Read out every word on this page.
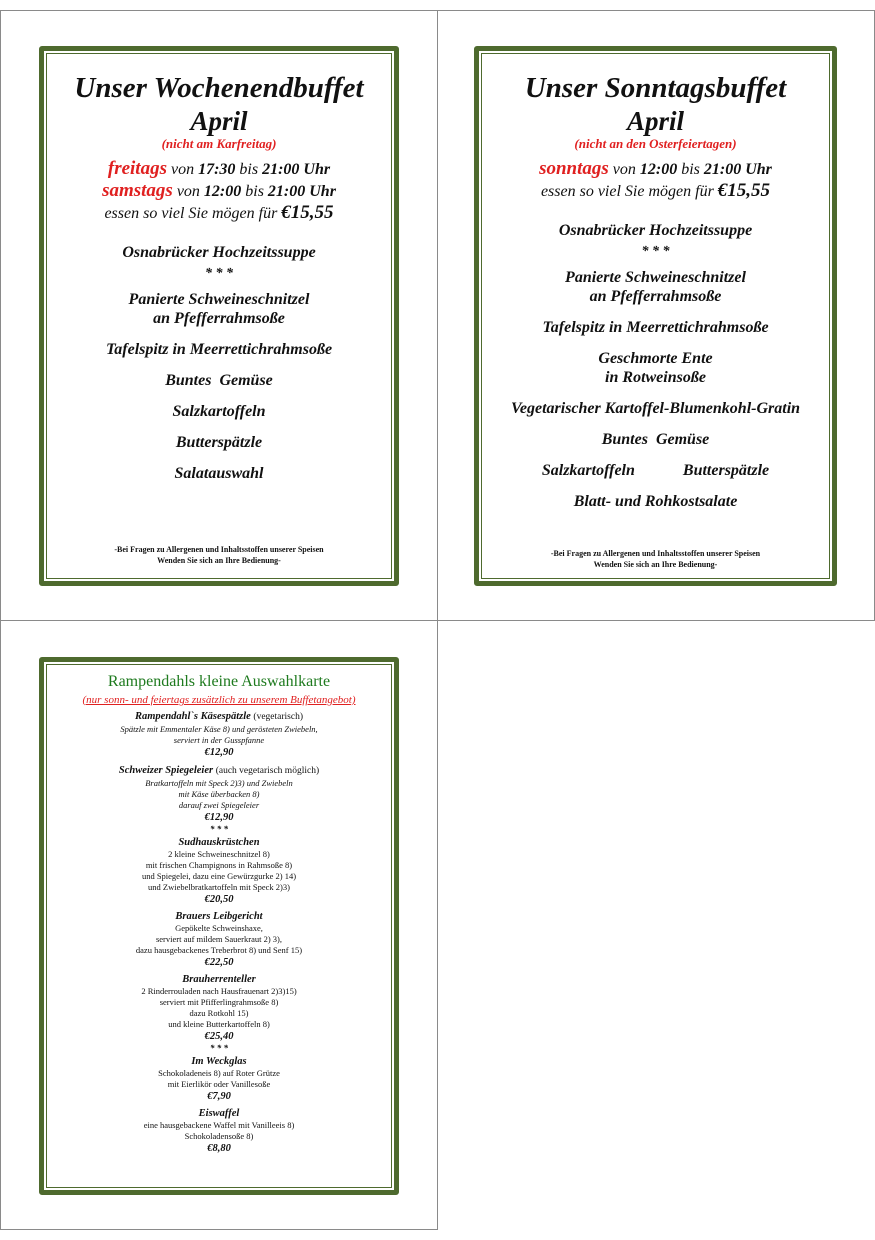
Unser Wochenendbuffet
April
(nicht am Karfreitag)
freitags von 17:30 bis 21:00 Uhr
samstags von 12:00 bis 21:00 Uhr
essen so viel Sie mögen für €15,55
Osnabrücker Hochzeitssuppe
* * *
Panierte Schweineschnitzel
an Pfefferrahmsoße
Tafelspitz in Meerrettichrahmsoße
Buntes  Gemüse
Salzkartoffeln
Butterspätzle
Salatauswahl
-Bei Fragen zu Allergenen und Inhaltsstoffen unserer Speisen
Wenden Sie sich an Ihre Bedienung-
Unser Sonntagsbuffet
April
(nicht an den Osterfeiertagen)
sonntags von 12:00 bis 21:00 Uhr
essen so viel Sie mögen für €15,55
Osnabrücker Hochzeitssuppe
* * *
Panierte Schweineschnitzel
an Pfefferrahmsoße
Tafelspitz in Meerrettichrahmsoße
Geschmorte Ente
in Rotweinsoße
Vegetarischer Kartoffel-Blumenkohl-Gratin
Buntes  Gemüse
Salzkartoffeln	Butterspätzle
Blatt- und Rohkostsalate
-Bei Fragen zu Allergenen und Inhaltsstoffen unserer Speisen
Wenden Sie sich an Ihre Bedienung-
Rampendahls kleine Auswahlkarte
(nur sonn- und feiertags zusätzlich zu unserem Buffetangebot)
Rampendahl`s Käsespätzle (vegetarisch)
Spätzle mit Emmentaler Käse 8) und gerösteten Zwiebeln,
serviert in der Gusspfanne
€12,90
Schweizer Spiegeleier (auch vegetarisch möglich)
Bratkartoffeln mit Speck 2)3) und Zwiebeln
mit Käse überbacken 8)
darauf zwei Spiegeleier
€12,90
* * *
Sudhauskrüstchen
2 kleine Schweineschnitzel 8)
mit frischen Champignons in Rahmsoße 8)
und Spiegelei, dazu eine Gewürzgurke 2) 14)
und Zwiebelbratkartoffeln mit Speck 2)3)
€20,50
Brauers Leibgericht
Gepökelte Schweinshaxe,
serviert auf mildem Sauerkraut 2) 3),
dazu hausgebackenes Treberbrot 8) und Senf 15)
€22,50
Brauherrenteller
2 Rinderrouladen nach Hausfrauenart 2)3)15)
serviert mit Pfifferlingrahmsoße 8)
dazu Rotkohl 15)
und kleine Butterkartoffeln 8)
€25,40
* * *
Im Weckglas
Schokoladeneis 8) auf Roter Grütze
mit Eierlikör oder Vanillesoße
€7,90
Eiswaffel
eine hausgebackene Waffel mit Vanilleeis 8)
Schokoladensoße 8)
€8,80
